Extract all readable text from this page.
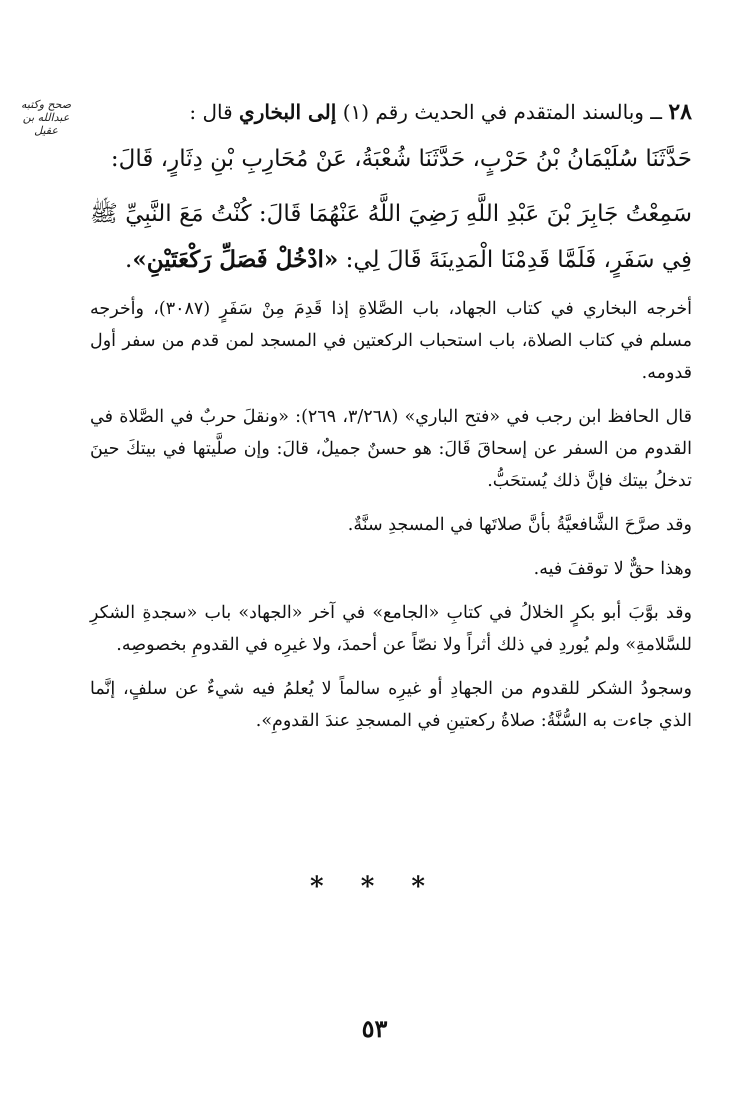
صحح وكتبه عبدالله بن عقيل
٢٨ ــ وبالسند المتقدم في الحديث رقم (١) إلى البخاري قال :

حَدَّثَنَا سُلَيْمَانُ بْنُ حَرْبٍ، حَدَّثَنَا شُعْبَةُ، عَنْ مُحَارِبِ بْنِ دِثَارٍ، قَالَ:

سَمِعْتُ جَابِرَ بْنَ عَبْدِ اللَّهِ رَضِيَ اللَّهُ عَنْهُمَا قَالَ: كُنْتُ مَعَ النَّبِيِّ ﷺ فِي سَفَرٍ، فَلَمَّا قَدِمْنَا الْمَدِينَةَ قَالَ لِي: «ادْخُلْ فَصَلِّ رَكْعَتَيْنِ».

أخرجه البخاري في كتاب الجهاد، باب الصَّلاةِ إذا قَدِمَ مِنْ سَفَرٍ (٣٠٨٧)، وأخرجه مسلم في كتاب الصلاة، باب استحباب الركعتين في المسجد لمن قدم من سفر أول قدومه.

قال الحافظ ابن رجب في «فتح الباري» (٣/٢٦٨، ٢٦٩): «ونقلَ حربٌ في الصَّلاة في القدوم من السفر عن إسحاقَ قَالَ: هو حسنٌ جميلٌ، قالَ: وإن صلَّيتها في بيتكَ حينَ تدخلُ بيتك فإنَّ ذلك يُستحَبُّ.

وقد صرَّحَ الشَّافعيَّةُ بأنَّ صلاتَها في المسجدِ سنَّةٌ.

وهذا حقٌّ لا توقفَ فيه.

وقد بوَّبَ أبو بكرٍ الخلالُ في كتابِ «الجامع» في آخر «الجهاد» باب «سجدةِ الشكرِ للسَّلامةِ» ولم يُوردِ في ذلك أثراً ولا نصّاً عن أحمدَ، ولا غيرِه في القدومِ بخصوصِه.

وسجودُ الشكر للقدوم من الجهادِ أو غيرِه سالماً لا يُعلمُ فيه شيءٌ عن سلفٍ، إنَّما الذي جاءت به السُّنَّةُ: صلاةُ ركعتينِ في المسجدِ عندَ القدومِ».

* * *
٥٣
